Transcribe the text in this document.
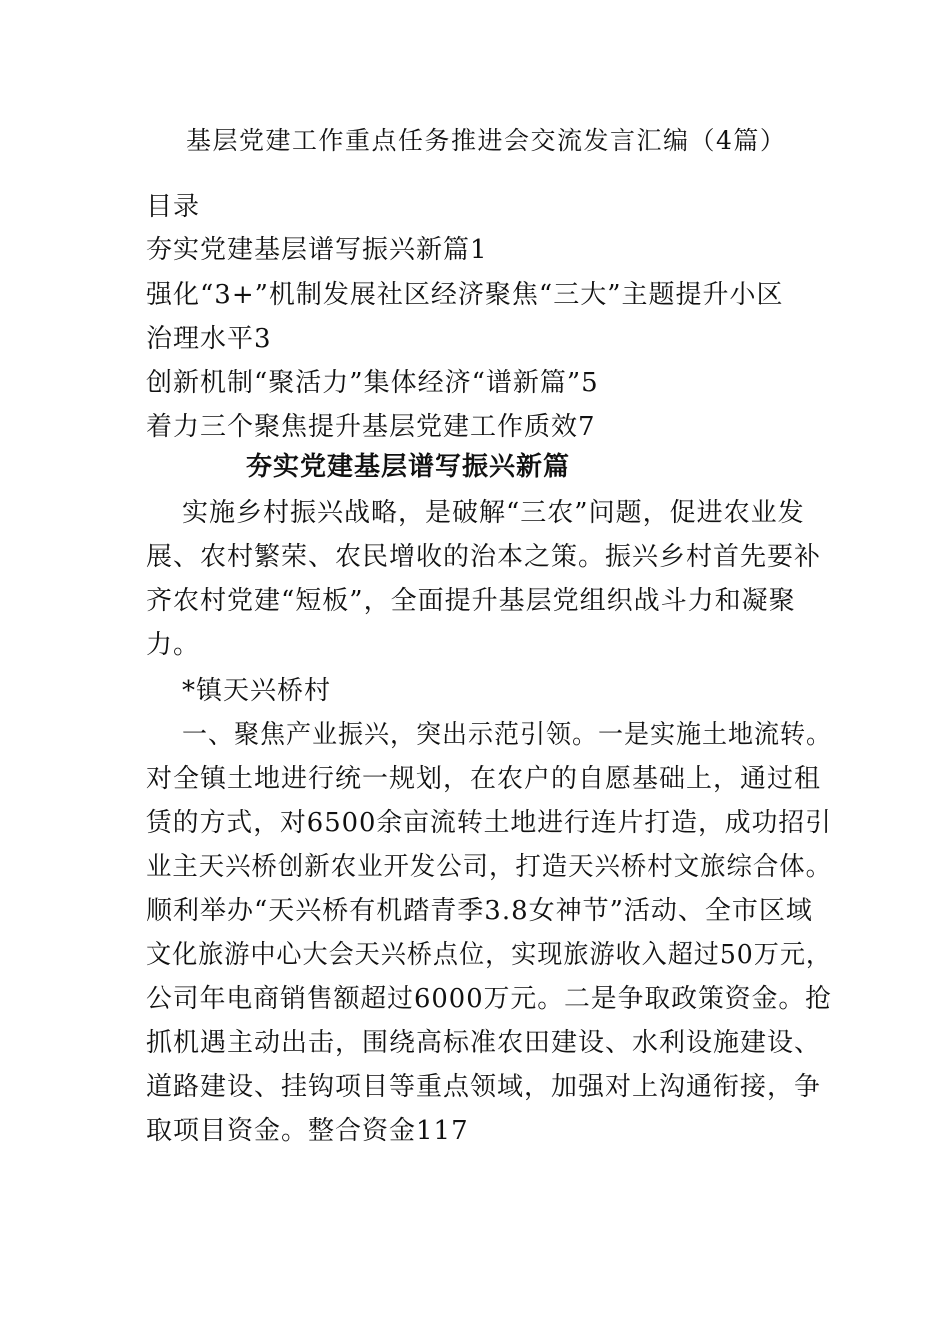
基层党建工作重点任务推进会交流发言汇编（4篇）
目录
夯实党建基层谱写振兴新篇1
强化“3+”机制发展社区经济聚焦“三大”主题提升小区
治理水平3
创新机制“聚活力”集体经济“谱新篇”5
着力三个聚焦提升基层党建工作质效7
夯实党建基层谱写振兴新篇
实施乡村振兴战略，是破解“三农”问题，促进农业发
展、农村繁荣、农民增收的治本之策。振兴乡村首先要补
齐农村党建“短板”，全面提升基层党组织战斗力和凝聚
力。
*镇天兴桥村
一、聚焦产业振兴，突出示范引领。一是实施土地流转。
对全镇土地进行统一规划，在农户的自愿基础上，通过租
赁的方式，对6500余亩流转土地进行连片打造，成功招引
业主天兴桥创新农业开发公司，打造天兴桥村文旅综合体。
顺利举办“天兴桥有机踏青季3.8女神节”活动、全市区域
文化旅游中心大会天兴桥点位，实现旅游收入超过50万元，
公司年电商销售额超过6000万元。二是争取政策资金。抢
抓机遇主动出击，围绕高标准农田建设、水利设施建设、
道路建设、挂钩项目等重点领域，加强对上沟通衔接，争
取项目资金。整合资金117
